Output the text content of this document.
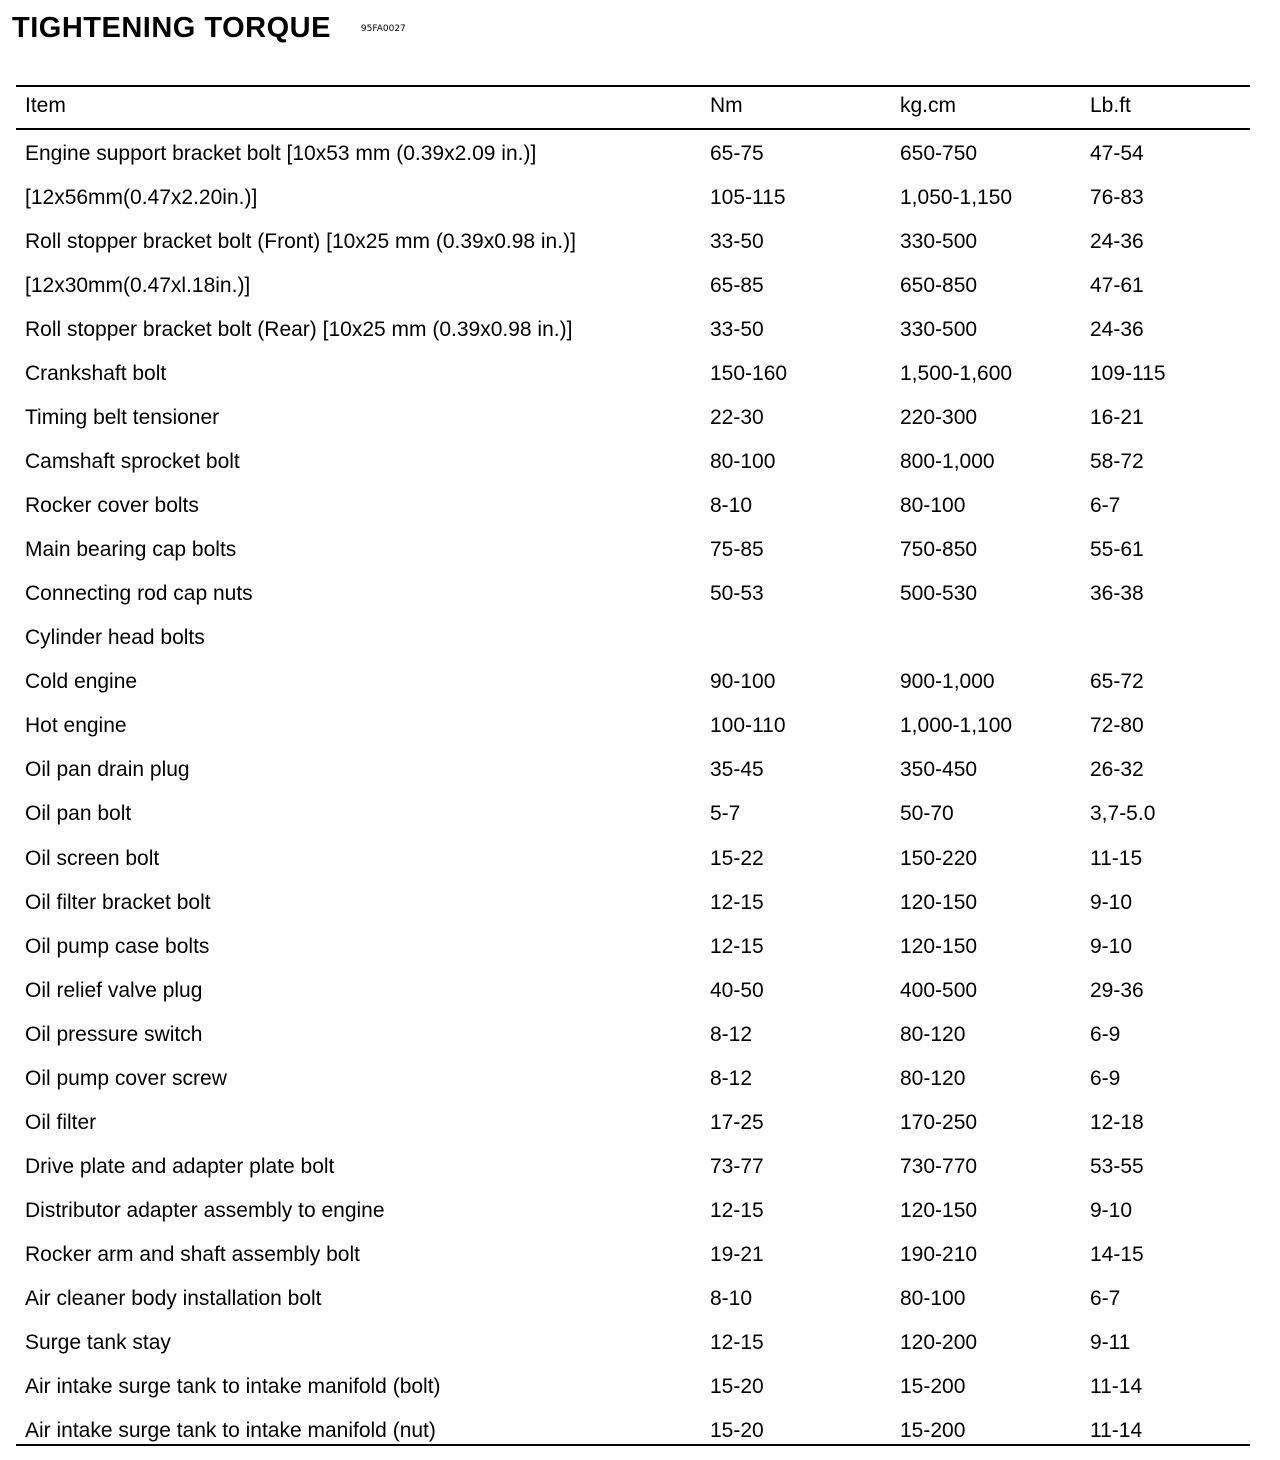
TIGHTENING TORQUE	95FA0027
Item	Nm	kg.cm	Lb.ft
Engine support bracket bolt [10x53 mm (0.39x2.09 in.)]	65-75	650-750	47-54
[12x56mm(0.47x2.20in.)]	105-115	1,050-1,150	76-83
Roll stopper bracket bolt (Front) [10x25 mm (0.39x0.98 in.)]	33-50	330-500	24-36
[12x30mm(0.47xl.18in.)]	65-85	650-850	47-61
Roll stopper bracket bolt (Rear) [10x25 mm (0.39x0.98 in.)]	33-50	330-500	24-36
Crankshaft bolt	150-160	1,500-1,600	109-115
Timing belt tensioner	22-30	220-300	16-21
Camshaft sprocket bolt	80-100	800-1,000	58-72
Rocker cover bolts	8-10	80-100	6-7
Main bearing cap bolts	75-85	750-850	55-61
Connecting rod cap nuts	50-53	500-530	36-38
Cylinder head bolts
Cold engine	90-100	900-1,000	65-72
Hot engine	100-110	1,000-1,100	72-80
Oil pan drain plug	35-45	350-450	26-32
Oil pan bolt	5-7	50-70	3,7-5.0
Oil screen bolt	15-22	150-220	11-15
Oil filter bracket bolt	12-15	120-150	9-10
Oil pump case bolts	12-15	120-150	9-10
Oil relief valve plug	40-50	400-500	29-36
Oil pressure switch	8-12	80-120	6-9
Oil pump cover screw	8-12	80-120	6-9
Oil filter	17-25	170-250	12-18
Drive plate and adapter plate bolt	73-77	730-770	53-55
Distributor adapter assembly to engine	12-15	120-150	9-10
Rocker arm and shaft assembly bolt	19-21	190-210	14-15
Air cleaner body installation bolt	8-10	80-100	6-7
Surge tank stay	12-15	120-200	9-11
Air intake surge tank to intake manifold (bolt)	15-20	15-200	11-14
Air intake surge tank to intake manifold (nut)	15-20	15-200	11-14
